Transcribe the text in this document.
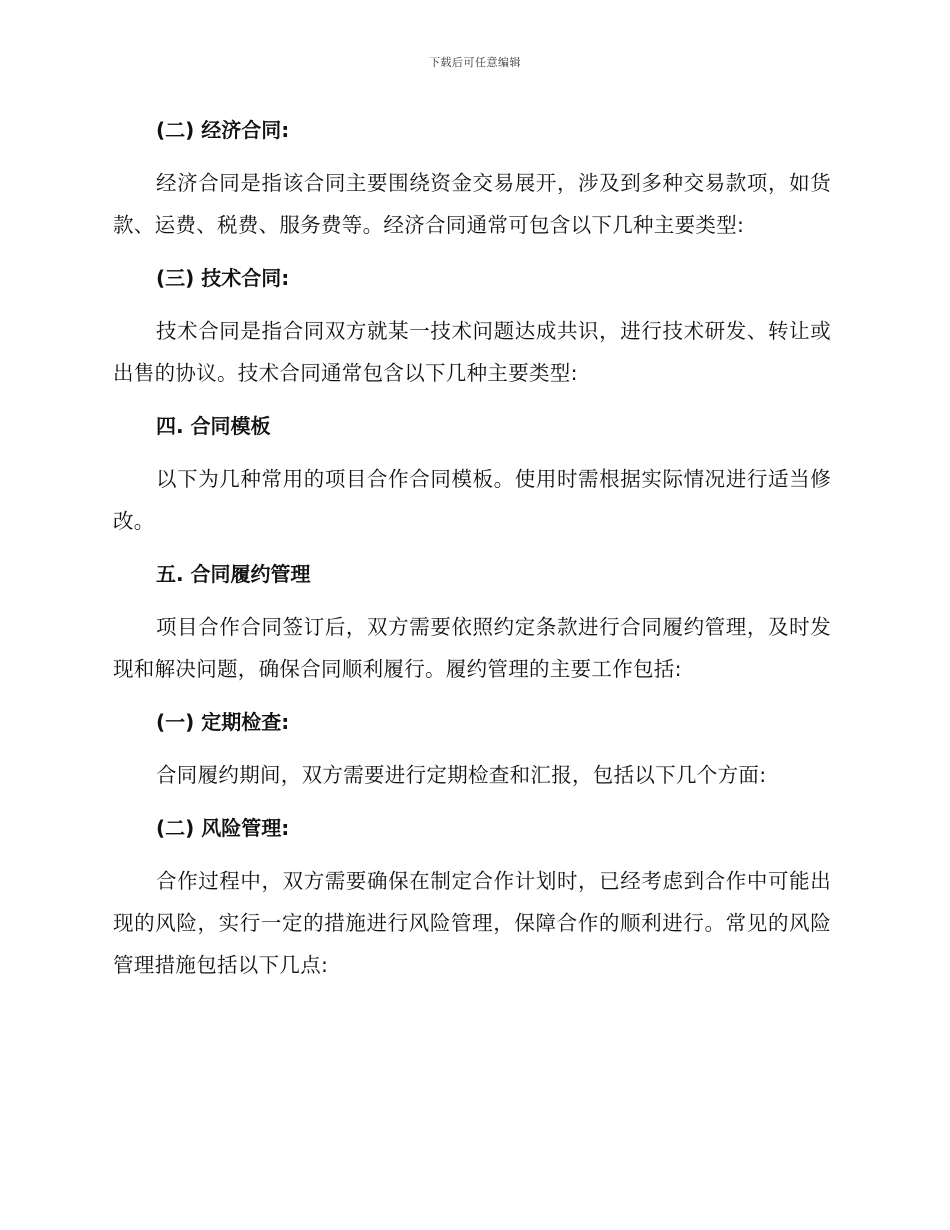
下载后可任意编辑
(二) 经济合同:

经济合同是指该合同主要围绕资金交易展开，涉及到多种交易款项，如货款、运费、税费、服务费等。经济合同通常可包含以下几种主要类型:

(三) 技术合同:

技术合同是指合同双方就某一技术问题达成共识，进行技术研发、转让或出售的协议。技术合同通常包含以下几种主要类型:

四. 合同模板

以下为几种常用的项目合作合同模板。使用时需根据实际情况进行适当修改。

五. 合同履约管理

项目合作合同签订后，双方需要依照约定条款进行合同履约管理，及时发现和解决问题，确保合同顺利履行。履约管理的主要工作包括:

(一) 定期检查:

合同履约期间，双方需要进行定期检查和汇报，包括以下几个方面:

(二) 风险管理:

合作过程中，双方需要确保在制定合作计划时，已经考虑到合作中可能出现的风险，实行一定的措施进行风险管理，保障合作的顺利进行。常见的风险管理措施包括以下几点:
